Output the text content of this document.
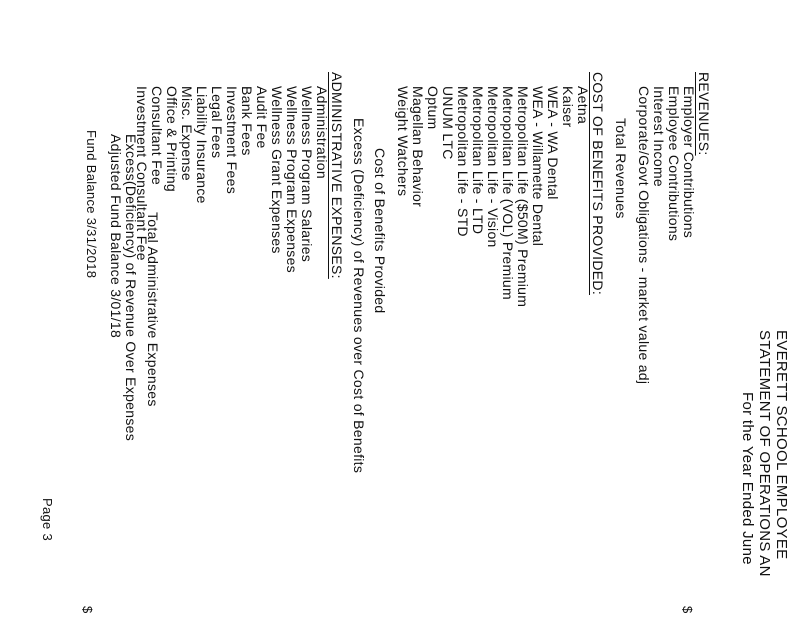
EVERETT SCHOOL EMPLOYEE
STATEMENT OF OPERATIONS AN
For the Year Ended June
$
$
REVENUES:
Employer Contributions
Employee Contributions
Interest Income
Corporate/Govt Obligations - market value adj
Total Revenues
COST OF BENEFITS PROVIDED:
Aetna
Kaiser
WEA - WA Dental
WEA - Willamette Dental
Metropolitan Life ($50M) Premium
Metropolitan Life (VOL) Premium
Metropolitan Life - Vision
Metropolitan Life - LTD
Metropolitan Life - STD
UNUM LTC
Optum
Magellan Behavior
Weight Watchers
Cost of Benefits Provided
Excess (Deficiency) of Revenues over Cost of Benefits
ADMINISTRATIVE EXPENSES:
Administration
Wellness Program Salaries
Wellness Program Expenses
Wellness Grant Expenses
Audit Fee
Bank Fees
Investment Fees
Legal Fees
Liability Insurance
Misc. Expense
Office & Printing
Consultant Fee
Investment Consultant Fee
Total Administrative Expenses
Excess(Deficiency) of Revenue Over Expenses
Adjusted Fund Balance 3/01/18
Fund Balance 3/31/2018
Page 3
